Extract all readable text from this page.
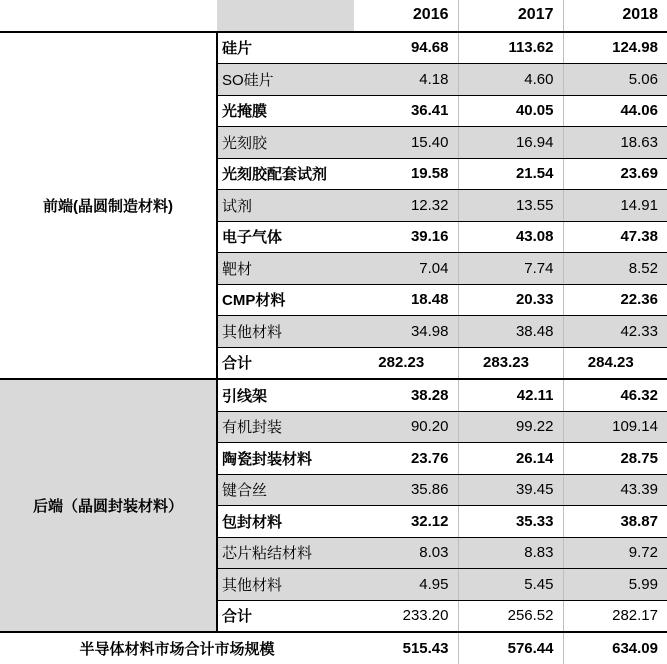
		2016	2017	2018
前端(晶圆制造材料)	硅片	94.68	113.62	124.98
	SO硅片	4.18	4.60	5.06
	光掩膜	36.41	40.05	44.06
	光刻胶	15.40	16.94	18.63
	光刻胶配套试剂	19.58	21.54	23.69
	试剂	12.32	13.55	14.91
	电子气体	39.16	43.08	47.38
	靶材	7.04	7.74	8.52
	CMP材料	18.48	20.33	22.36
	其他材料	34.98	38.48	42.33
	合计	282.23	283.23	284.23
后端（晶圆封装材料）	引线架	38.28	42.11	46.32
	有机封装	90.20	99.22	109.14
	陶瓷封装材料	23.76	26.14	28.75
	键合丝	35.86	39.45	43.39
	包封材料	32.12	35.33	38.87
	芯片粘结材料	8.03	8.83	9.72
	其他材料	4.95	5.45	5.99
	合计	233.20	256.52	282.17
半导体材料市场合计市场规模		515.43	576.44	634.09
